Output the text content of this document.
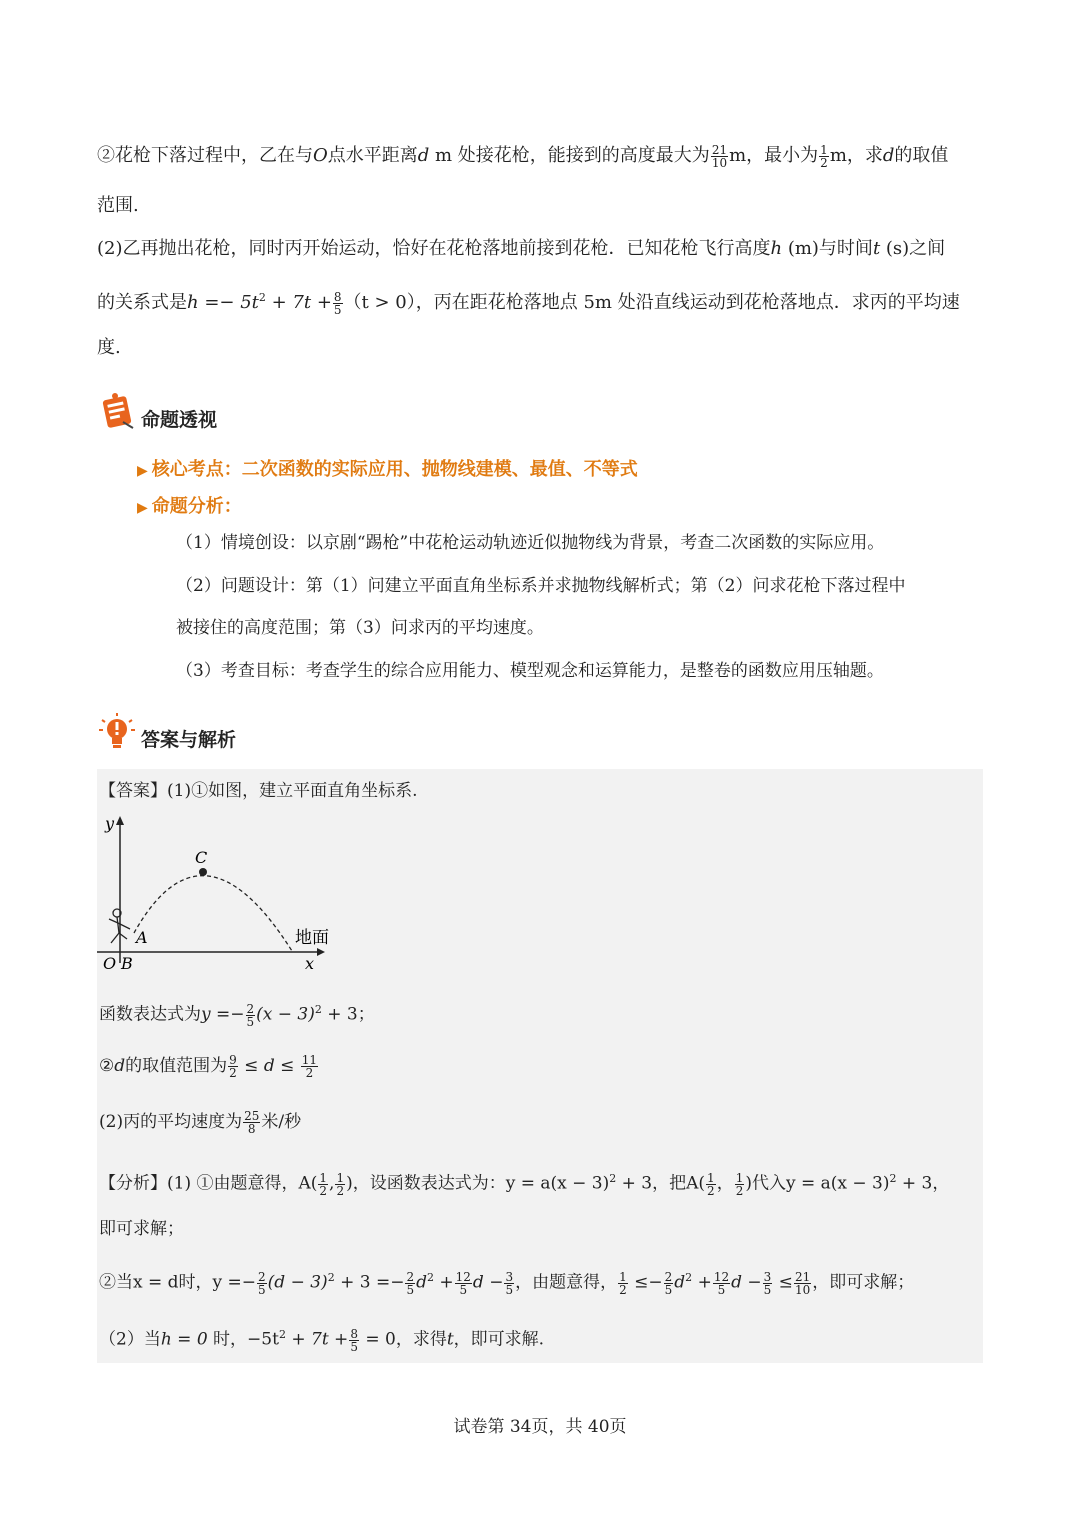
②花枪下落过程中，乙在与O点水平距离d m 处接花枪，能接到的高度最大为 $\frac{21}{10}$ m，最小为 $\frac{1}{2}$ m，求d的取值
范围.
(2)乙再抛出花枪，同时丙开始运动，恰好在花枪落地前接到花枪．已知花枪飞行高度h (m)与时间t (s)之间
的关系式是$h =- 5t^2 + 7t + \frac{8}{5} (t > 0)$，丙在距花枪落地点 5m 处沿直线运动到花枪落地点．求丙的平均速
度.
命题透视
▶ 核心考点：二次函数的实际应用、抛物线建模、最值、不等式
▶ 命题分析：
（1）情境创设：以京剧“踢枪”中花枪运动轨迹近似抛物线为背景，考查二次函数的实际应用。
（2）问题设计：第（1）问建立平面直角坐标系并求抛物线解析式；第（2）问求花枪下落过程中
被接住的高度范围；第（3）问求丙的平均速度。
（3）考查目标：考查学生的综合应用能力、模型观念和运算能力，是整卷的函数应用压轴题。
答案与解析
【答案】(1)①如图，建立平面直角坐标系.
y
x
O B
A
C
地面
函数表达式为$y =- \frac{2}{5} (x - 3)^2 + 3$；
②d的取值范围为 $\frac{9}{2} \le d \le \frac{11}{2}$
(2)丙的平均速度为 $\frac{25}{8}$ 米/秒
【分析】(1) ①由题意得，$A( \frac{1}{2}$ , $\frac{1}{2}$ )，设函数表达式为：$y = a(x - 3)^2 + 3$，把$A( \frac{1}{2}$ ， $\frac{1}{2}$ )代入$y = a(x - 3)^2 + 3$，
即可求解；
②当x = d时，$y =- \frac{2}{5} (d - 3)^2 + 3 =- \frac{2}{5} d^2 + \frac{12}{5}$ $d - \frac{3}{5}$ ，由题意得， $\frac{1}{2} \le- \frac{2}{5} d^2 + \frac{12}{5}$ $d - \frac{3}{5} \le \frac{21}{10}$ ，即可求解；
（2）当h = 0 时，$-5t^2 + 7t + \frac{8}{5} = 0$，求得t，即可求解.
试卷第 34页，共 40页
